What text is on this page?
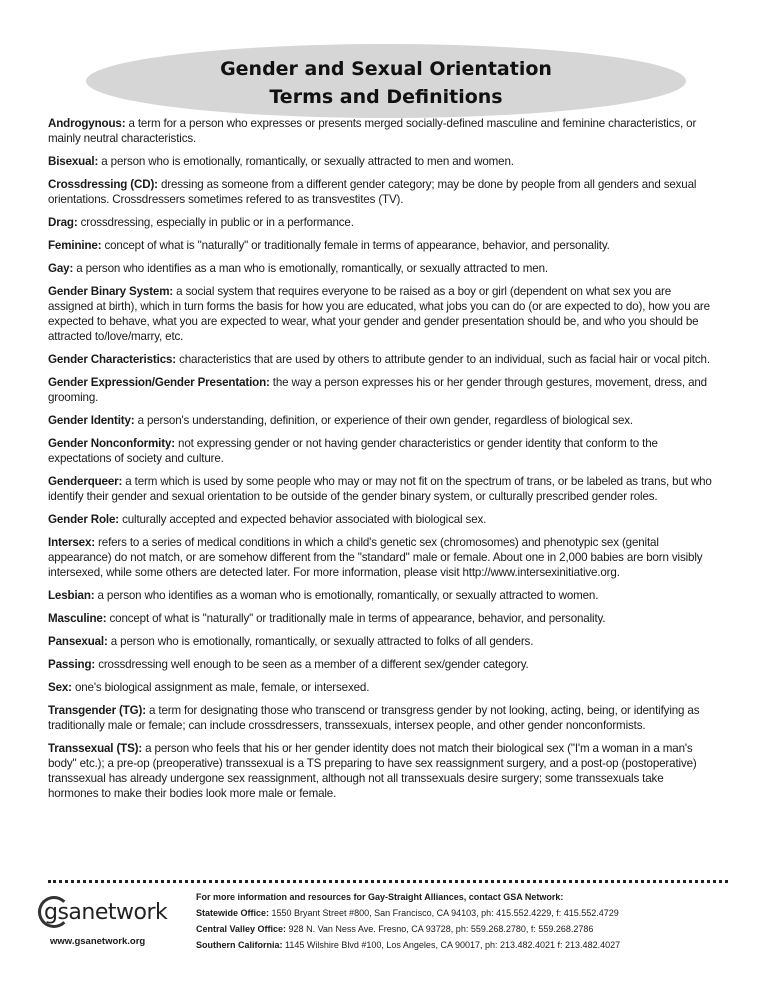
Gender and Sexual Orientation
Terms and Definitions

Androgynous: a term for a person who expresses or presents merged socially-defined masculine and feminine characteristics, or mainly neutral characteristics.

Bisexual: a person who is emotionally, romantically, or sexually attracted to men and women.

Crossdressing (CD): dressing as someone from a different gender category; may be done by people from all genders and sexual orientations. Crossdressers sometimes refered to as transvestites (TV).

Drag: crossdressing, especially in public or in a performance.

Feminine: concept of what is "naturally" or traditionally female in terms of appearance, behavior, and personality.

Gay: a person who identifies as a man who is emotionally, romantically, or sexually attracted to men.

Gender Binary System: a social system that requires everyone to be raised as a boy or girl (dependent on what sex you are assigned at birth), which in turn forms the basis for how you are educated, what jobs you can do (or are expected to do), how you are expected to behave, what you are expected to wear, what your gender and gender presentation should be, and who you should be attracted to/love/marry, etc.

Gender Characteristics: characteristics that are used by others to attribute gender to an individual, such as facial hair or vocal pitch.

Gender Expression/Gender Presentation: the way a person expresses his or her gender through gestures, movement, dress, and grooming.

Gender Identity: a person's understanding, definition, or experience of their own gender, regardless of biological sex.

Gender Nonconformity: not expressing gender or not having gender characteristics or gender identity that conform to the expectations of society and culture.

Genderqueer: a term which is used by some people who may or may not fit on the spectrum of trans, or be labeled as trans, but who identify their gender and sexual orientation to be outside of the gender binary system, or culturally prescribed gender roles.

Gender Role: culturally accepted and expected behavior associated with biological sex.

Intersex: refers to a series of medical conditions in which a child's genetic sex (chromosomes) and phenotypic sex (genital appearance) do not match, or are somehow different from the "standard" male or female. About one in 2,000 babies are born visibly intersexed, while some others are detected later. For more information, please visit http://www.intersexinitiative.org.

Lesbian: a person who identifies as a woman who is emotionally, romantically, or sexually attracted to women.

Masculine: concept of what is "naturally" or traditionally male in terms of appearance, behavior, and personality.

Pansexual: a person who is emotionally, romantically, or sexually attracted to folks of all genders.

Passing: crossdressing well enough to be seen as a member of a different sex/gender category.

Sex: one's biological assignment as male, female, or intersexed.

Transgender (TG): a term for designating those who transcend or transgress gender by not looking, acting, being, or identifying as traditionally male or female; can include crossdressers, transsexuals, intersex people, and other gender nonconformists.

Transsexual (TS): a person who feels that his or her gender identity does not match their biological sex ("I'm a woman in a man's body" etc.); a pre-op (preoperative) transsexual is a TS preparing to have sex reassignment surgery, and a post-op (postoperative) transsexual has already undergone sex reassignment, although not all transsexuals desire surgery; some transsexuals take hormones to make their bodies look more male or female.

gsanetwork
www.gsanetwork.org
For more information and resources for Gay-Straight Alliances, contact GSA Network:
Statewide Office: 1550 Bryant Street #800, San Francisco, CA 94103, ph: 415.552.4229, f: 415.552.4729
Central Valley Office: 928 N. Van Ness Ave. Fresno, CA 93728, ph: 559.268.2780, f: 559.268.2786
Southern California: 1145 Wilshire Blvd #100, Los Angeles, CA 90017, ph: 213.482.4021 f: 213.482.4027
